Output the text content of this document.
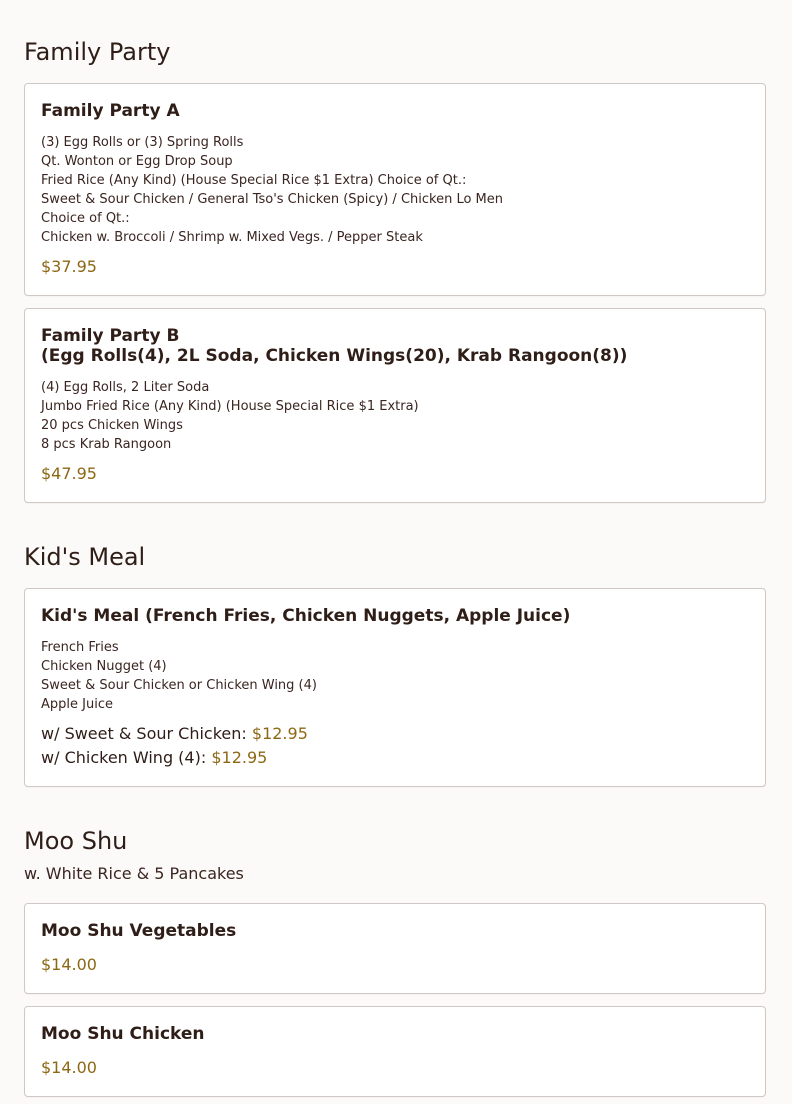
Family Party
Family Party A
(3) Egg Rolls or (3) Spring Rolls
Qt. Wonton or Egg Drop Soup
Fried Rice (Any Kind) (House Special Rice $1 Extra) Choice of Qt.:
Sweet & Sour Chicken / General Tso's Chicken (Spicy) / Chicken Lo Men
Choice of Qt.:
Chicken w. Broccoli / Shrimp w. Mixed Vegs. / Pepper Steak
$37.95
Family Party B
(Egg Rolls(4), 2L Soda, Chicken Wings(20), Krab Rangoon(8))
(4) Egg Rolls, 2 Liter Soda
Jumbo Fried Rice (Any Kind) (House Special Rice $1 Extra)
20 pcs Chicken Wings
8 pcs Krab Rangoon
$47.95
Kid's Meal
Kid's Meal (French Fries, Chicken Nuggets, Apple Juice)
French Fries
Chicken Nugget (4)
Sweet & Sour Chicken or Chicken Wing (4)
Apple Juice
w/ Sweet & Sour Chicken: $12.95
w/ Chicken Wing (4): $12.95
Moo Shu
w. White Rice & 5 Pancakes
Moo Shu Vegetables
$14.00
Moo Shu Chicken
$14.00
